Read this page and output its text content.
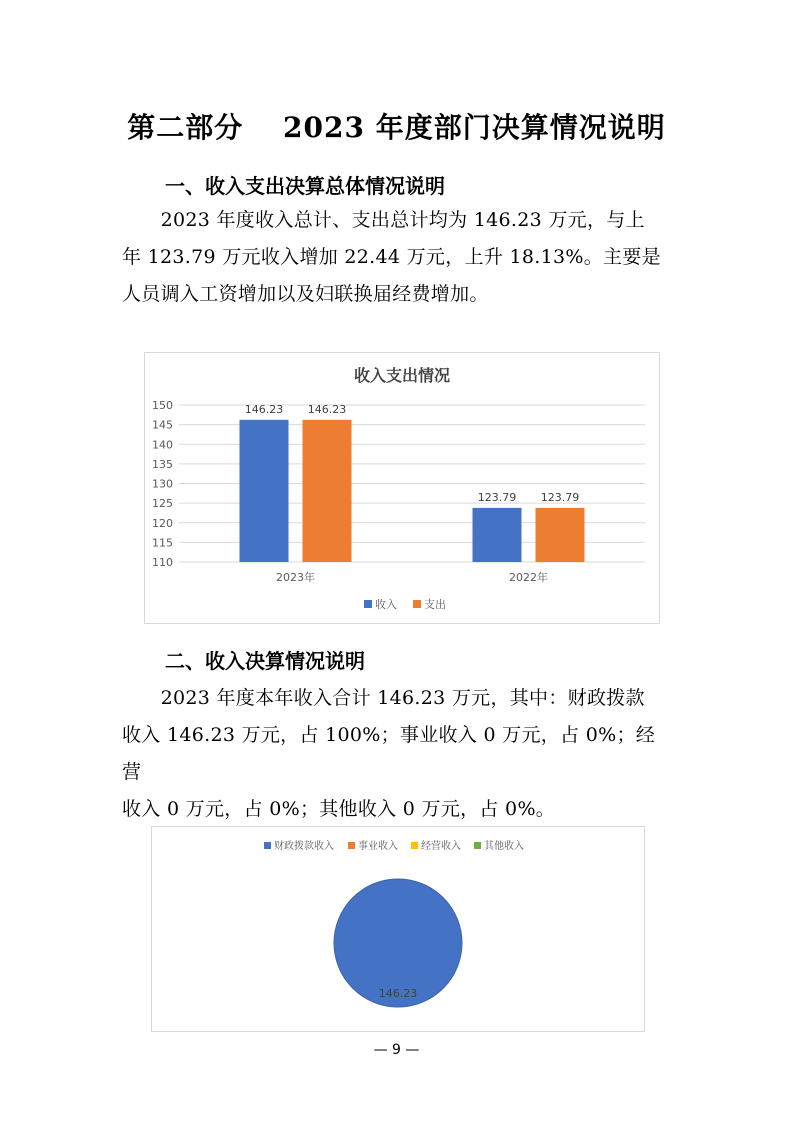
第二部分　 2023 年度部门决算情况说明
一、收入支出决算总体情况说明

　　2023 年度收入总计、支出总计均为 146.23 万元，与上

年 123.79 万元收入增加 22.44 万元，上升 18.13%。主要是

人员调入工资增加以及妇联换届经费增加。

收入支出情况
110
115
120
125
130
135
140
145
150	146.23 146.23
2023年
123.79 123.79
2022年
收入 支出
二、收入决算情况说明

　　2023 年度本年收入合计 146.23 万元，其中：财政拨款

收入 146.23 万元，占 100%；事业收入 0 万元，占 0%；经营

收入 0 万元，占 0%；其他收入 0 万元，占 0%。

财政拨款收入 事业收入 经营收入 其他收入
146.23
— 9 —
